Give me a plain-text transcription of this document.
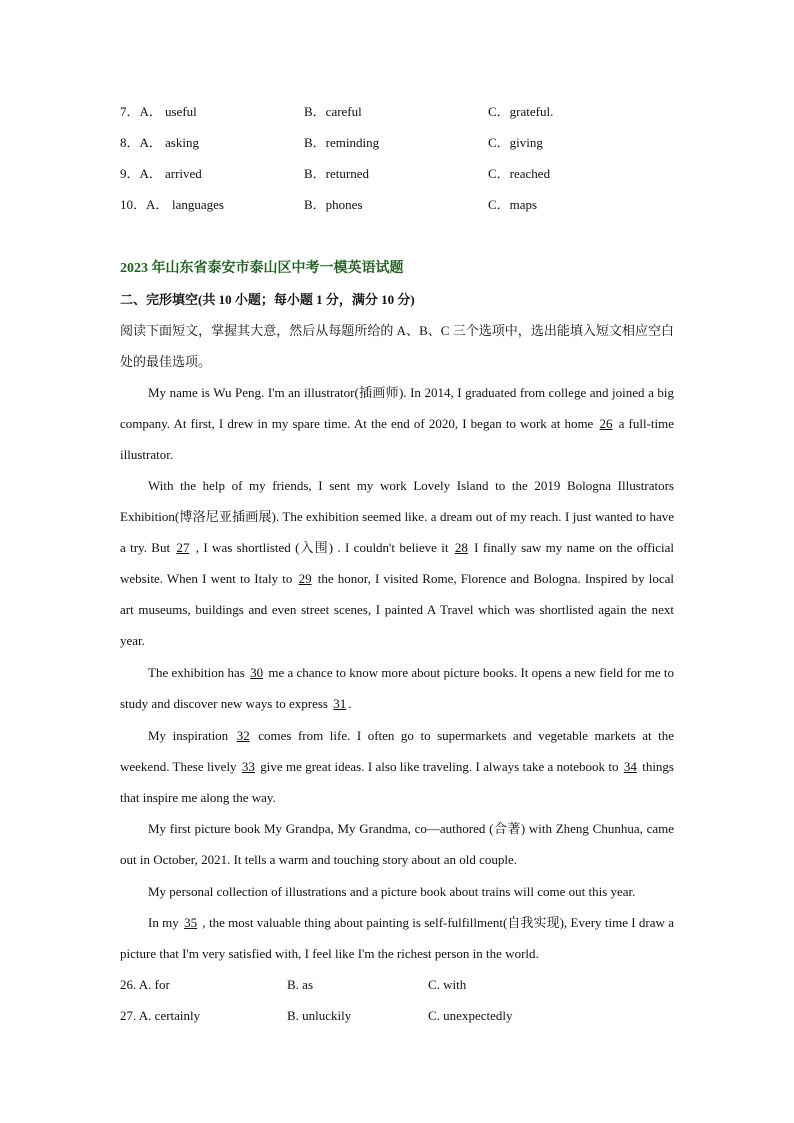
7．A． useful	B．careful	C．grateful.
8．A． asking	B．reminding	C．giving
9．A． arrived	B．returned	C．reached
10．A． languages	B．phones	C．maps
2023 年山东省泰安市泰山区中考一模英语试题
二、完形填空(共 10 小题；每小题 1 分，满分 10 分)
阅读下面短文，掌握其大意，然后从每题所给的 A、B、C 三个选项中，选出能填入短文相应空白处的最佳选项。
My name is Wu Peng. I'm an illustrator(插画师). In 2014, I graduated from college and joined a big company. At first, I drew in my spare time. At the end of 2020, I began to work at home 26 a full-time illustrator.
With the help of my friends, I sent my work Lovely Island to the 2019 Bologna Illustrators Exhibition(博洛尼亚插画展). The exhibition seemed like. a dream out of my reach. I just wanted to have a try. But 27 , I was shortlisted (入围) . I couldn't believe it 28 I finally saw my name on the official website. When I went to Italy to 29 the honor, I visited Rome, Florence and Bologna. Inspired by local art museums, buildings and even street scenes, I painted A Travel which was shortlisted again the next year.
The exhibition has 30 me a chance to know more about picture books. It opens a new field for me to study and discover new ways to express 31 .
My inspiration 32 comes from life. I often go to supermarkets and vegetable markets at the weekend. These lively 33 give me great ideas. I also like traveling. I always take a notebook to 34 things that inspire me along the way.
My first picture book My Grandpa, My Grandma, co—authored (合著) with Zheng Chunhua, came out in October, 2021. It tells a warm and touching story about an old couple.
My personal collection of illustrations and a picture book about trains will come out this year.
In my 35 , the most valuable thing about painting is self-fulfillment(自我实现), Every time I draw a picture that I'm very satisfied with, I feel like I'm the richest person in the world.
26. A. for	B. as	C. with
27. A. certainly	B. unluckily	C. unexpectedly
